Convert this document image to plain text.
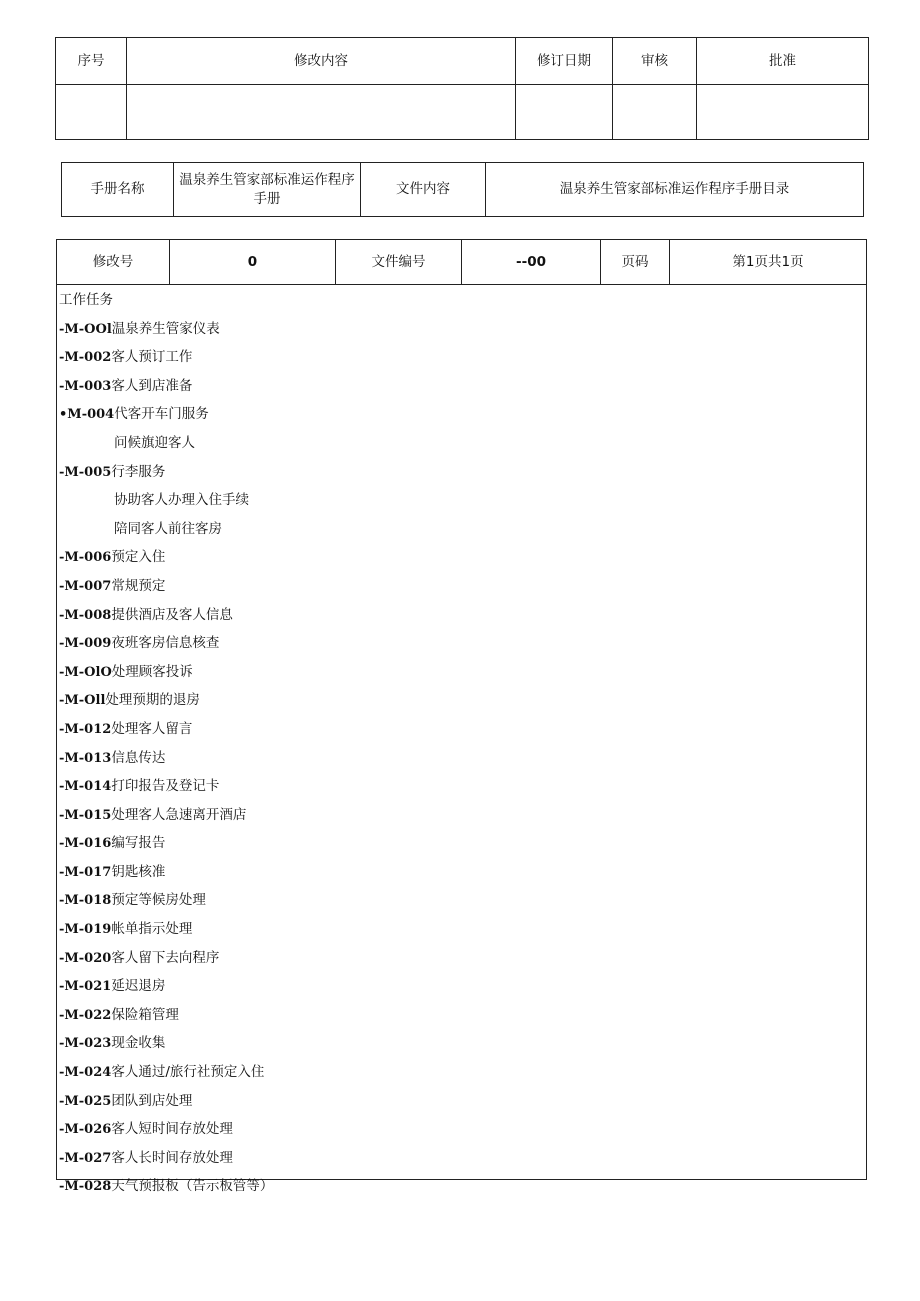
序号	修改内容	修订日期	审核	批准

手册名称	温泉养生管家部标准运作程序手册	文件内容	温泉养生管家部标准运作程序手册目录
修改号	0	文件编号	--00	页码	第1页共1页

工作任务
-M-OOl温泉养生管家仪表
-M-002客人预订工作
-M-003客人到店准备
•M-004代客开车门服务
问候旗迎客人
-M-005行李服务
协助客人办理入住手续
陪同客人前往客房
-M-006预定入住
-M-007常规预定
-M-008提供酒店及客人信息
-M-009夜班客房信息核查
-M-OlO处理顾客投诉
-M-Oll处理预期的退房
-M-012处理客人留言
-M-013信息传达
-M-014打印报告及登记卡
-M-015处理客人急速离开酒店
-M-016编写报告
-M-017钥匙核准
-M-018预定等候房处理
-M-019帐单指示处理
-M-020客人留下去向程序
-M-021延迟退房
-M-022保险箱管理
-M-023现金收集
-M-024客人通过/旅行社预定入住
-M-025团队到店处理
-M-026客人短时间存放处理
-M-027客人长时间存放处理
-M-028天气预报板（告示板管等）
